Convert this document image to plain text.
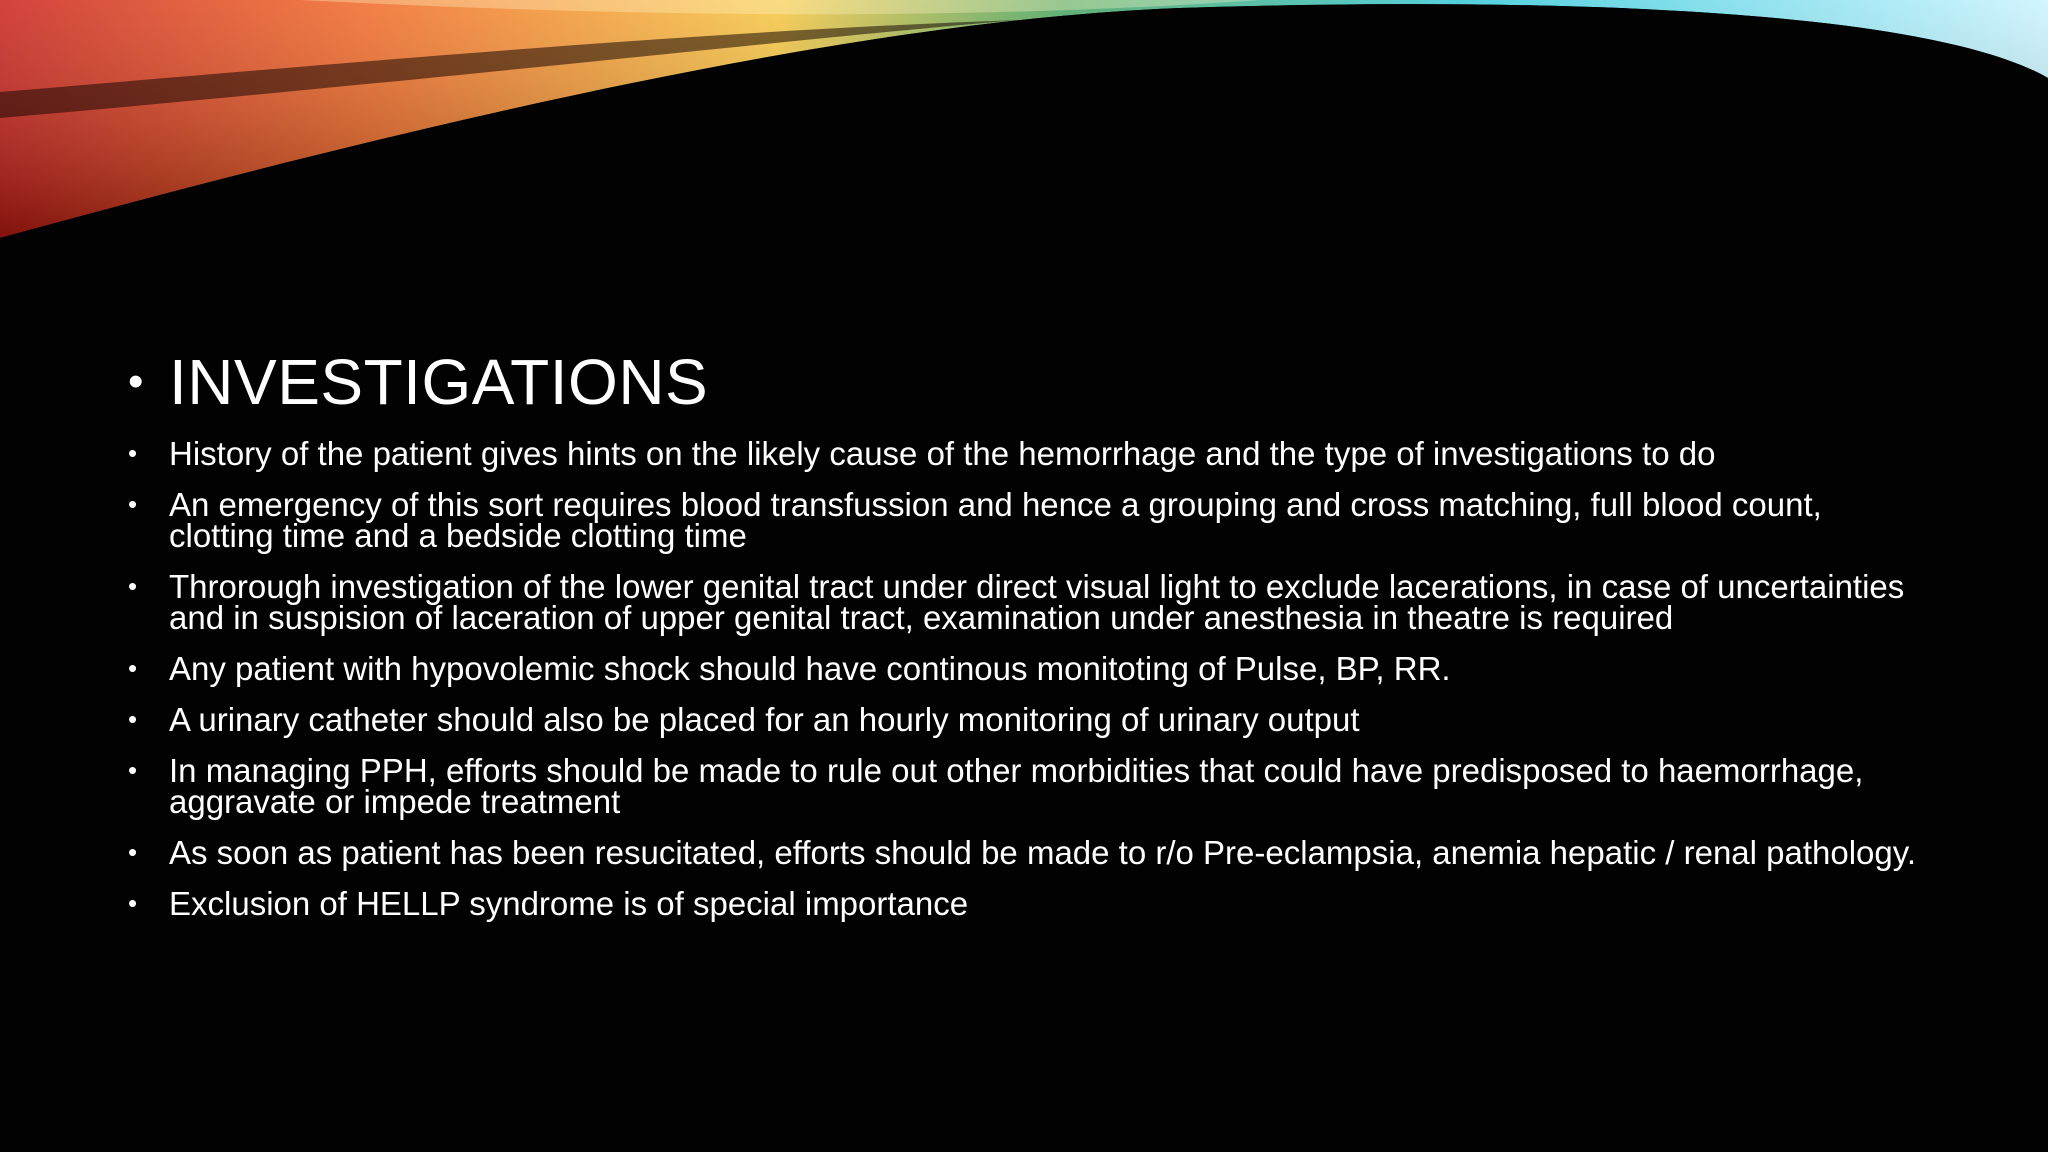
• INVESTIGATIONS
• History of the patient gives hints on the likely cause of the hemorrhage and the type of investigations to do
• An emergency of this sort requires blood transfussion and hence a grouping and cross matching, full blood count, clotting time and a bedside clotting time
• Throrough investigation of the lower genital tract under direct visual light to exclude lacerations, in case of uncertainties and in suspision of laceration of upper genital tract, examination under anesthesia in theatre is required
• Any patient with hypovolemic shock should have continous monitoting of Pulse, BP, RR.
• A urinary catheter should also be placed for an hourly monitoring of urinary output
• In managing PPH, efforts should be made to rule out other morbidities that could have predisposed to haemorrhage, aggravate or impede treatment
• As soon as patient has been resucitated, efforts should be made to r/o Pre-eclampsia, anemia hepatic / renal pathology.
• Exclusion of HELLP syndrome is of special importance
